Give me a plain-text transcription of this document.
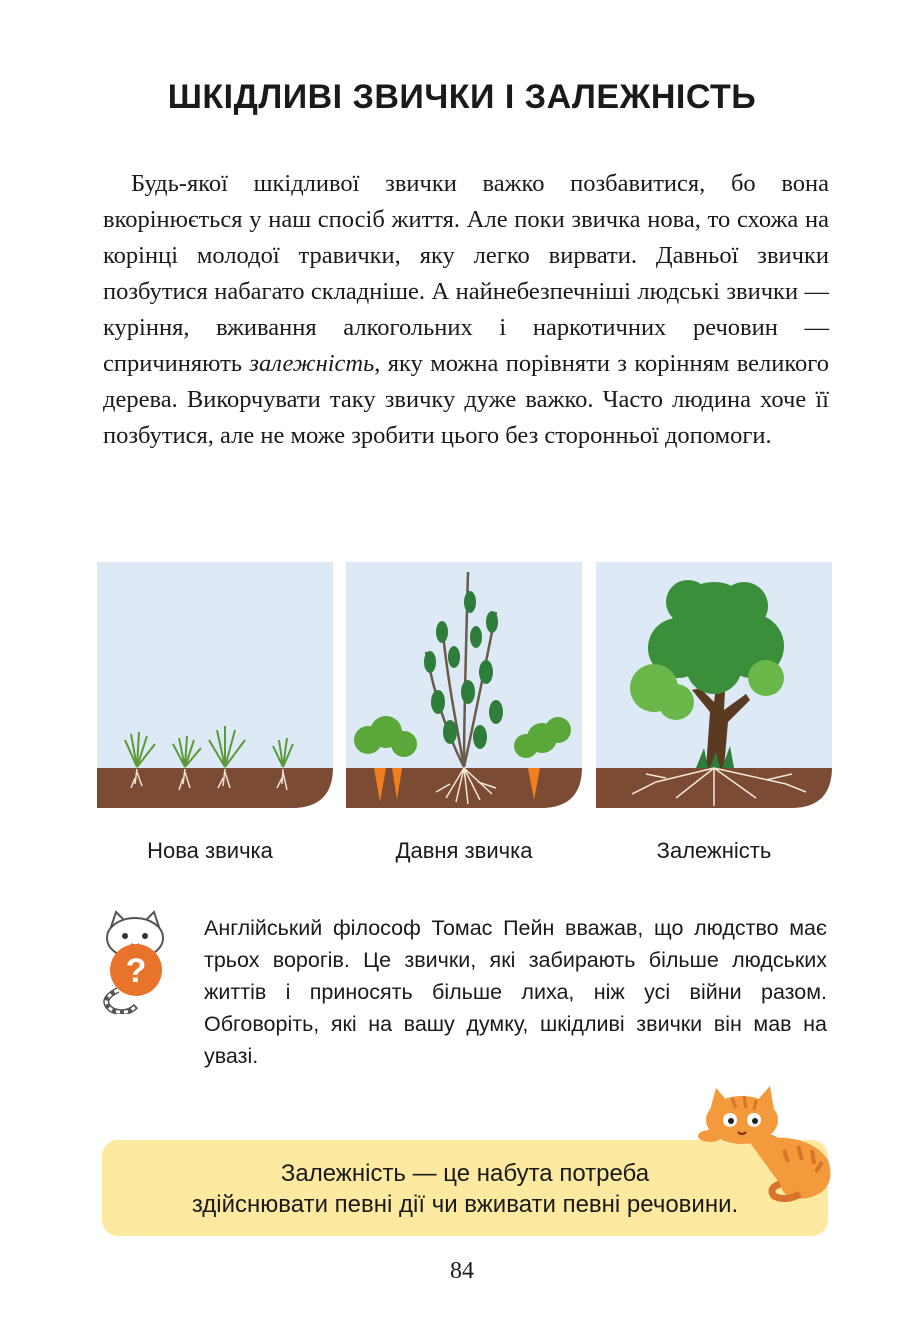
ШКІДЛИВІ ЗВИЧКИ І ЗАЛЕЖНІСТЬ

Будь-якої шкідливої звички важко позбавитися, бо вона вкорінюється у наш спосіб життя. Але поки звичка нова, то схожа на корінці молодої травички, яку легко вирвати. Давньої звички позбутися набагато складніше. А найнебезпечніші людські звички — куріння, вживання алкогольних і наркотичних речовин — спричиняють залежність, яку можна порівняти з корінням великого дерева. Викорчувати таку звичку дуже важко. Часто людина хоче її позбутися, але не може зробити цього без сторонньої допомоги.

Нова звичка	Давня звичка	Залежність
?

Англійський філософ Томас Пейн вважав, що людство має трьох ворогів. Це звички, які забирають більше людських життів і приносять більше лиха, ніж усі війни разом. Обговоріть, які на вашу думку, шкідливі звички він мав на увазі.

Залежність — це набута потреба
здійснювати певні дії чи вживати певні речовини.

84
